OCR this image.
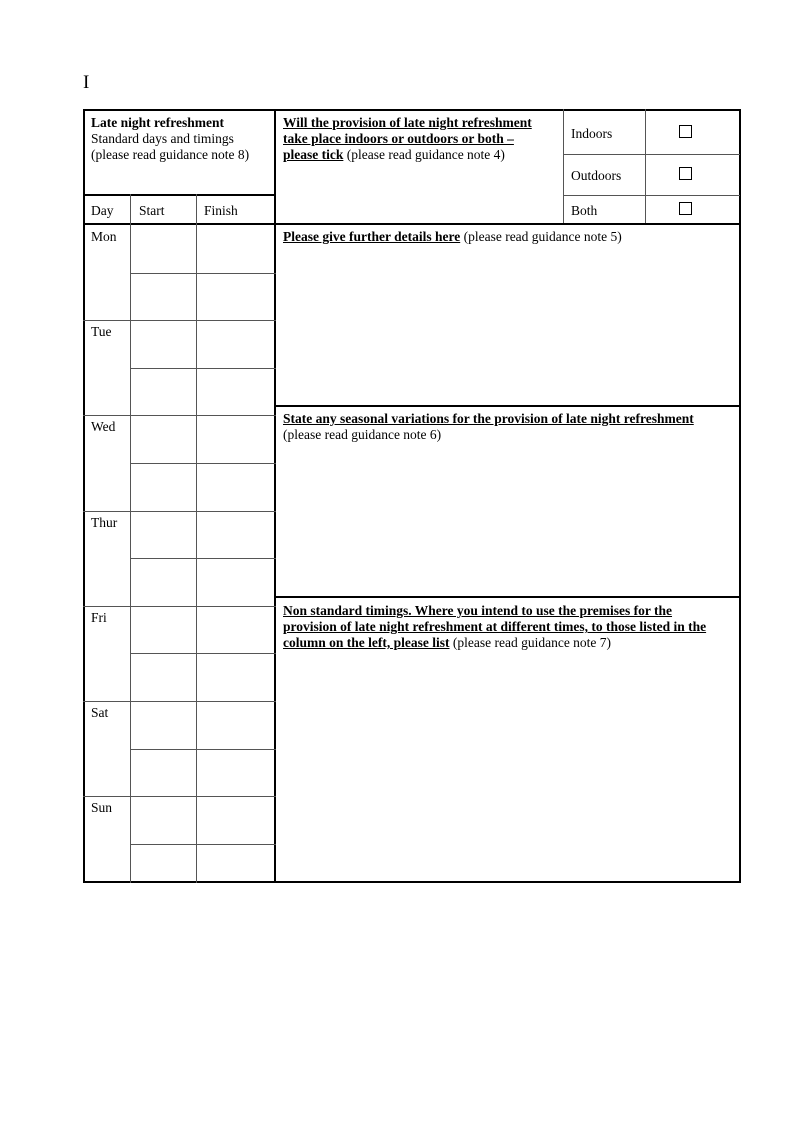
I
Late night refreshment
Standard days and timings
(please read guidance note 8)
Will the provision of late night refreshment
take place indoors or outdoors or both –
please tick (please read guidance note 4)
Indoors
Outdoors
Both
Day Start	Finish
Mon
Tue
Wed
Thur
Fri
Sat
Sun
Please give further details here (please read guidance note 5)
State any seasonal variations for the provision of late night refreshment
(please read guidance note 6)
Non standard timings. Where you intend to use the premises for the
provision of late night refreshment at different times, to those listed in the
column on the left, please list (please read guidance note 7)
